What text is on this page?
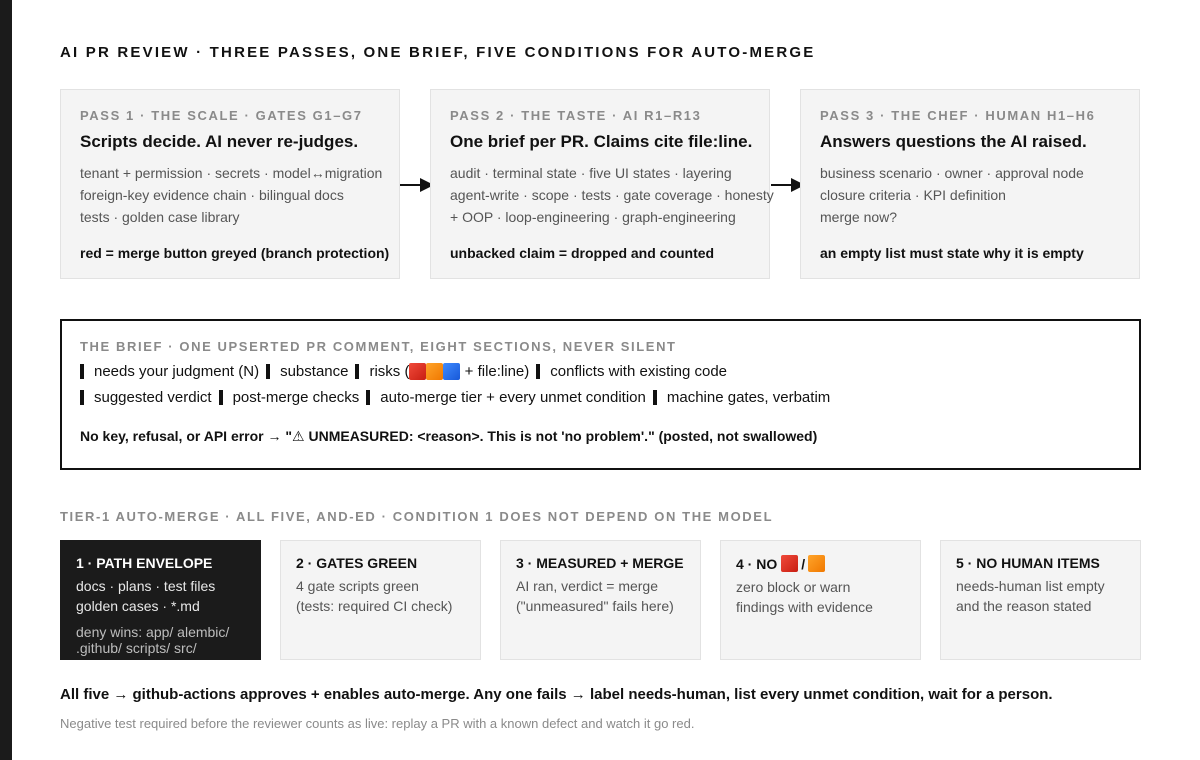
AI PR REVIEW · THREE PASSES, ONE BRIEF, FIVE CONDITIONS FOR AUTO-MERGE
PASS 1 · THE SCALE · GATES G1–G7
Scripts decide. AI never re-judges.
tenant + permission · secrets · model↔migration
foreign-key evidence chain · bilingual docs
tests · golden case library
red = merge button greyed (branch protection)
PASS 2 · THE TASTE · AI R1–R13
One brief per PR. Claims cite file:line.
audit · terminal state · five UI states · layering
agent-write · scope · tests · gate coverage · honesty
+ OOP · loop-engineering · graph-engineering
unbacked claim = dropped and counted
PASS 3 · THE CHEF · HUMAN H1–H6
Answers questions the AI raised.
business scenario · owner · approval node
closure criteria · KPI definition
merge now?
an empty list must state why it is empty
THE BRIEF · ONE UPSERTED PR COMMENT, EIGHT SECTIONS, NEVER SILENT
needs your judgment (N) substance risks (	+ file:line) conflicts with existing code
suggested verdict post-merge checks auto-merge tier + every unmet condition machine gates, verbatim
No key, refusal, or API error → "⚠ UNMEASURED: <reason>. This is not 'no problem'." (posted, not swallowed)
TIER-1 AUTO-MERGE · ALL FIVE, AND-ED · CONDITION 1 DOES NOT DEPEND ON THE MODEL
1 · PATH ENVELOPE
docs · plans · test files
golden cases · *.md
deny wins: app/ alembic/
.github/ scripts/ src/
2 · GATES GREEN
4 gate scripts green
(tests: required CI check)
3 · MEASURED + MERGE
AI ran, verdict = merge
("unmeasured" fails here)
4 · NO /
zero block or warn
findings with evidence
5 · NO HUMAN ITEMS
needs-human list empty
and the reason stated
All five → github-actions approves + enables auto-merge. Any one fails → label needs-human, list every unmet condition, wait for a person.
Negative test required before the reviewer counts as live: replay a PR with a known defect and watch it go red.
